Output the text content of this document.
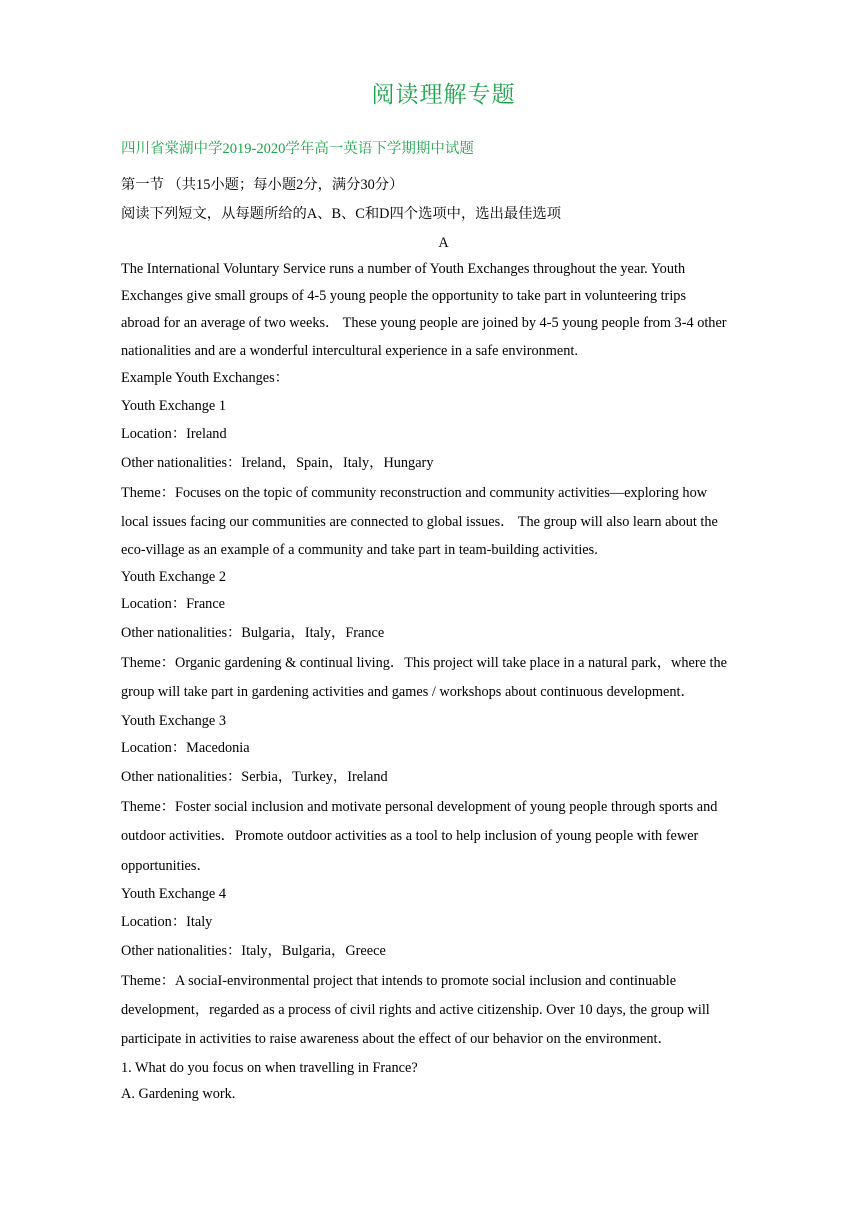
阅读理解专题
四川省棠湖中学2019-2020学年高一英语下学期期中试题
第一节 （共15小题；每小题2分，满分30分）
阅读下列短文，从每题所给的A、B、C和D四个选项中，选出最佳选项
A
The International Voluntary Service runs a number of Youth Exchanges throughout the year. Youth
Exchanges give small groups of 4-5 young people the opportunity to take part in volunteering trips
abroad for an average of two weeks． These young people are joined by 4-5 young people from 3-4 other
nationalities and are a wonderful intercultural experience in a safe environment.
Example Youth Exchanges：
Youth Exchange 1
Location：Ireland
Other nationalities：Ireland，Spain，Italy，Hungary
Theme：Focuses on the topic of community reconstruction and community activities—exploring how
local issues facing our communities are connected to global issues． The group will also learn about the
eco-village as an example of a community and take part in team-building activities.
Youth Exchange 2
Location：France
Other nationalities：Bulgaria，Italy，France
Theme：Organic gardening & continual living．This project will take place in a natural park，where the
group will take part in gardening activities and games / workshops about continuous development．
Youth Exchange 3
Location：Macedonia
Other nationalities：Serbia，Turkey，Ireland
Theme：Foster social inclusion and motivate personal development of young people through sports and
outdoor activities．Promote outdoor activities as a tool to help inclusion of young people with fewer
opportunities．
Youth Exchange 4
Location：Italy
Other nationalities：Italy，Bulgaria，Greece
Theme：A sociaI-environmental project that intends to promote social inclusion and continuable
development，regarded as a process of civil rights and active citizenship. Over 10 days, the group will
participate in activities to raise awareness about the effect of our behavior on the environment．
1. What do you focus on when travelling in France?
A. Gardening work.
